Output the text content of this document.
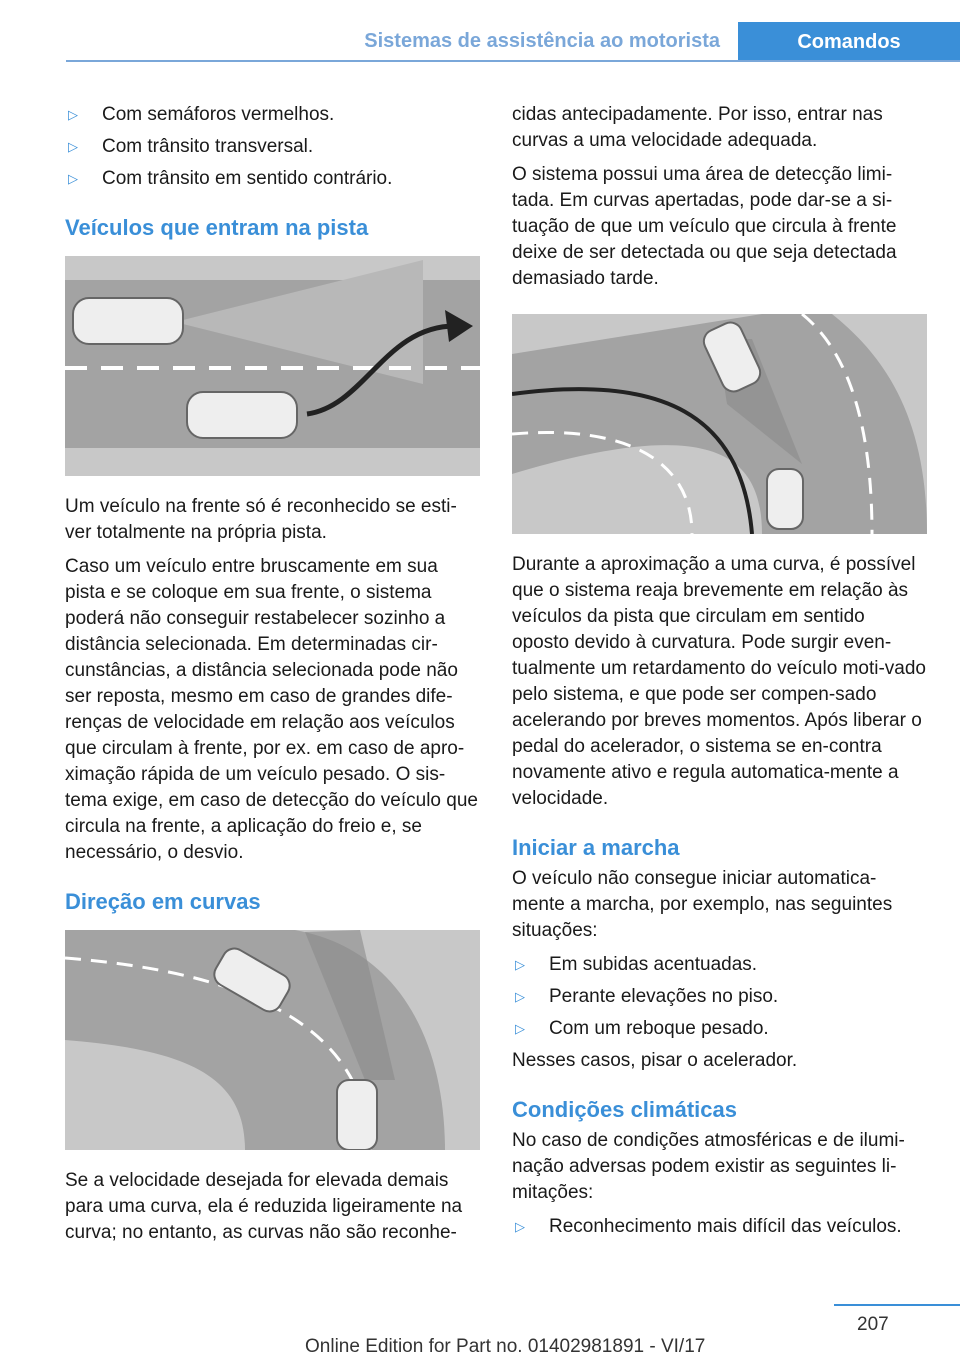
Sistemas de assistência ao motorista	Comandos
▷	Com semáforos vermelhos.
▷	Com trânsito transversal.
▷	Com trânsito em sentido contrário.
Veículos que entram na pista

Um veículo na frente só é reconhecido se esti-ver totalmente na própria pista.

Caso um veículo entre bruscamente em sua pista e se coloque em sua frente, o sistema poderá não conseguir restabelecer sozinho a distância selecionada. Em determinadas cir-cunstâncias, a distância selecionada pode não ser reposta, mesmo em caso de grandes dife-renças de velocidade em relação aos veículos que circulam à frente, por ex. em caso de apro-ximação rápida de um veículo pesado. O sis-tema exige, em caso de detecção do veículo que circula na frente, a aplicação do freio e, se necessário, o desvio.

Direção em curvas

Se a velocidade desejada for elevada demais para uma curva, ela é reduzida ligeiramente na curva; no entanto, as curvas não são reconhe-

cidas antecipadamente. Por isso, entrar nas curvas a uma velocidade adequada.

O sistema possui uma área de detecção limi-tada. Em curvas apertadas, pode dar-se a si-tuação de que um veículo que circula à frente deixe de ser detectada ou que seja detectada demasiado tarde.

Durante a aproximação a uma curva, é possível que o sistema reaja brevemente em relação às veículos da pista que circulam em sentido oposto devido à curvatura. Pode surgir even-tualmente um retardamento do veículo moti-vado pelo sistema, e que pode ser compen-sado acelerando por breves momentos. Após liberar o pedal do acelerador, o sistema se en-contra novamente ativo e regula automatica-mente a velocidade.

Iniciar a marcha

O veículo não consegue iniciar automatica-mente a marcha, por exemplo, nas seguintes situações:

▷	Em subidas acentuadas.
▷	Perante elevações no piso.
▷	Com um reboque pesado.

Nesses casos, pisar o acelerador.

Condições climáticas

No caso de condições atmosféricas e de ilumi-nação adversas podem existir as seguintes li-mitações:

▷	Reconhecimento mais difícil das veículos.
207
Online Edition for Part no. 01402981891 - VI/17
